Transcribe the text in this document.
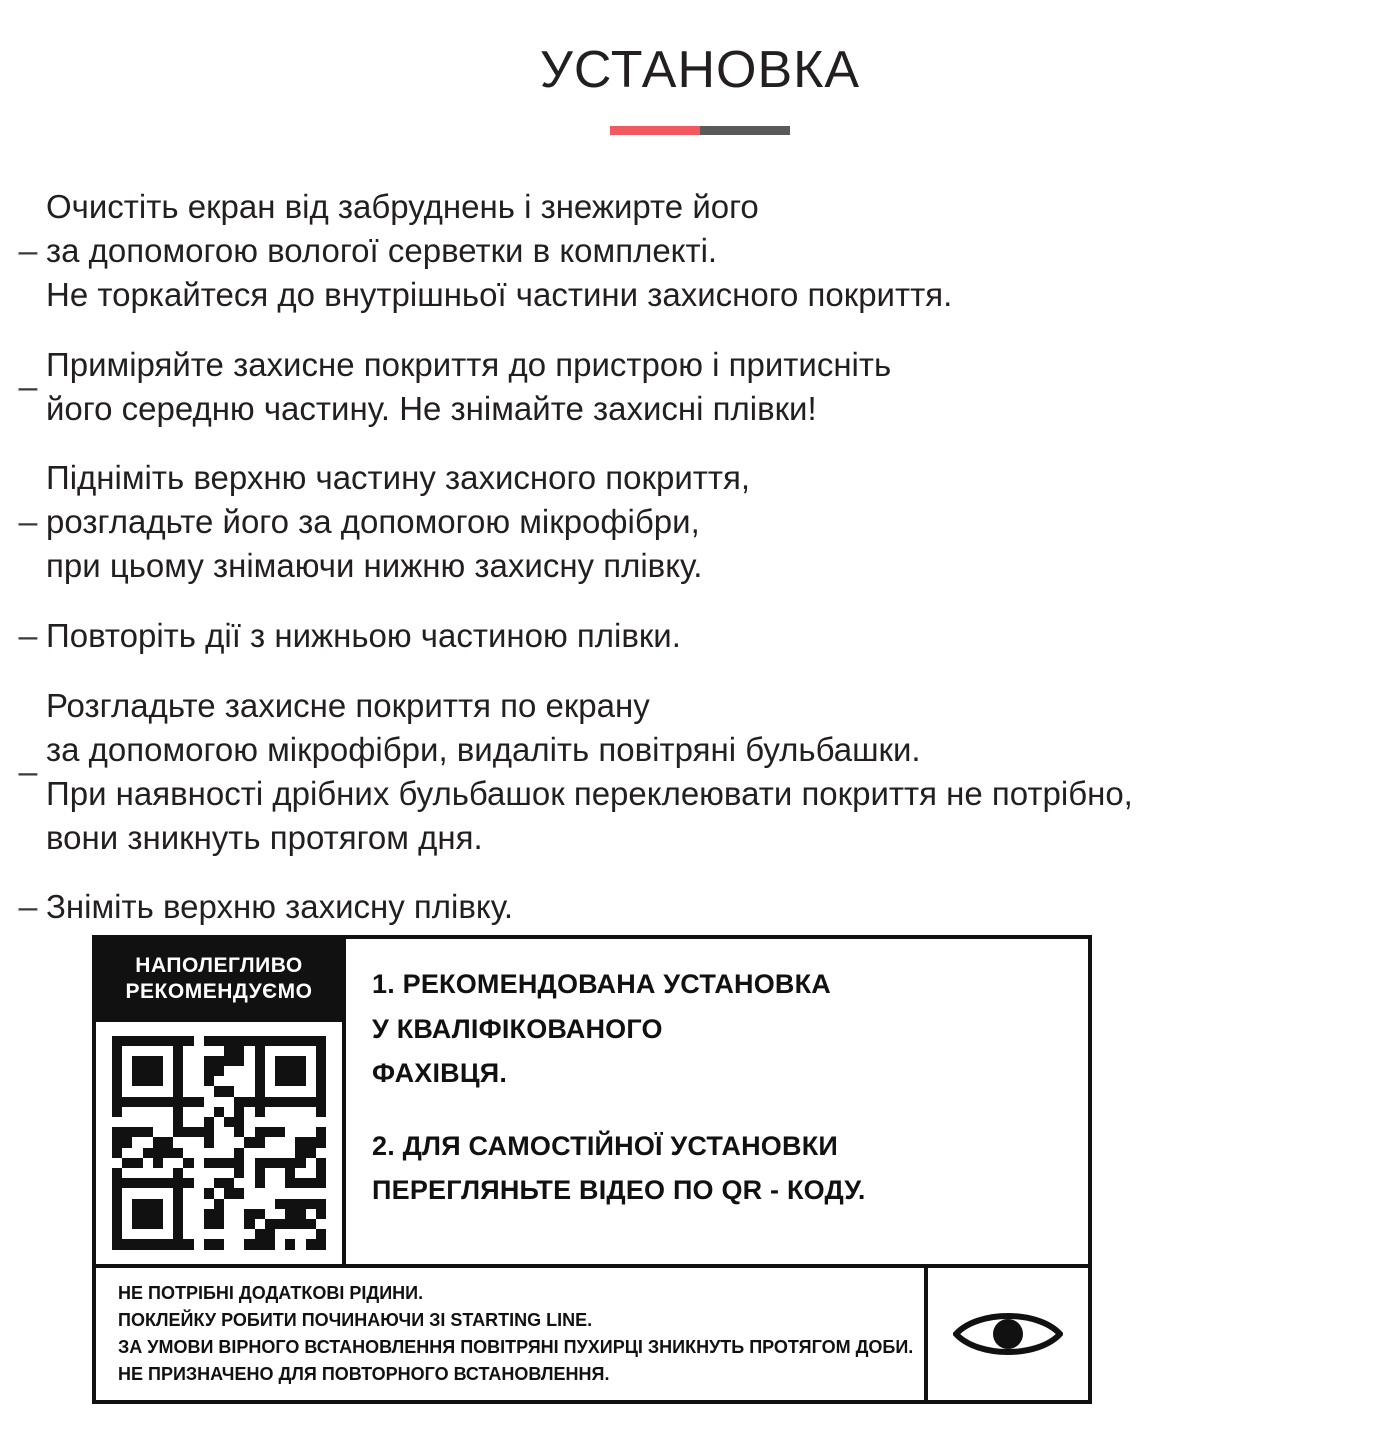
УСТАНОВКА
–
Очистіть екран від забруднень і знежирте його
за допомогою вологої серветки в комплекті.
Не торкайтеся до внутрішньої частини захисного покриття.
–
Приміряйте захисне покриття до пристрою і притисніть
його середню частину. Не знімайте захисні плівки!
–
Підніміть верхню частину захисного покриття,
розгладьте його за допомогою мікрофібри,
при цьому знімаючи нижню захисну плівку.
– Повторіть дії з нижньою частиною плівки.
–
Розгладьте захисне покриття по екрану
за допомогою мікрофібри, видаліть повітряні бульбашки.
При наявності дрібних бульбашок переклеювати покриття не потрібно,
вони зникнуть протягом дня.
– Зніміть верхню захисну плівку.
НАПОЛЕГЛИВО
РЕКОМЕНДУЄМО	1. РЕКОМЕНДОВАНА УСТАНОВКА

У КВАЛІФІКОВАНОГО

ФАХІВЦЯ.

2. ДЛЯ САМОСТІЙНОЇ УСТАНОВКИ

ПЕРЕГЛЯНЬТЕ ВІДЕО ПО QR - КОДУ.

НЕ ПОТРІБНІ ДОДАТКОВІ РІДИНИ.
ПОКЛЕЙКУ РОБИТИ ПОЧИНАЮЧИ ЗІ STARTING LINE.
ЗА УМОВИ ВІРНОГО ВСТАНОВЛЕННЯ ПОВІТРЯНІ ПУХИРЦІ ЗНИКНУТЬ ПРОТЯГОМ ДОБИ.
НЕ ПРИЗНАЧЕНО ДЛЯ ПОВТОРНОГО ВСТАНОВЛЕННЯ.
